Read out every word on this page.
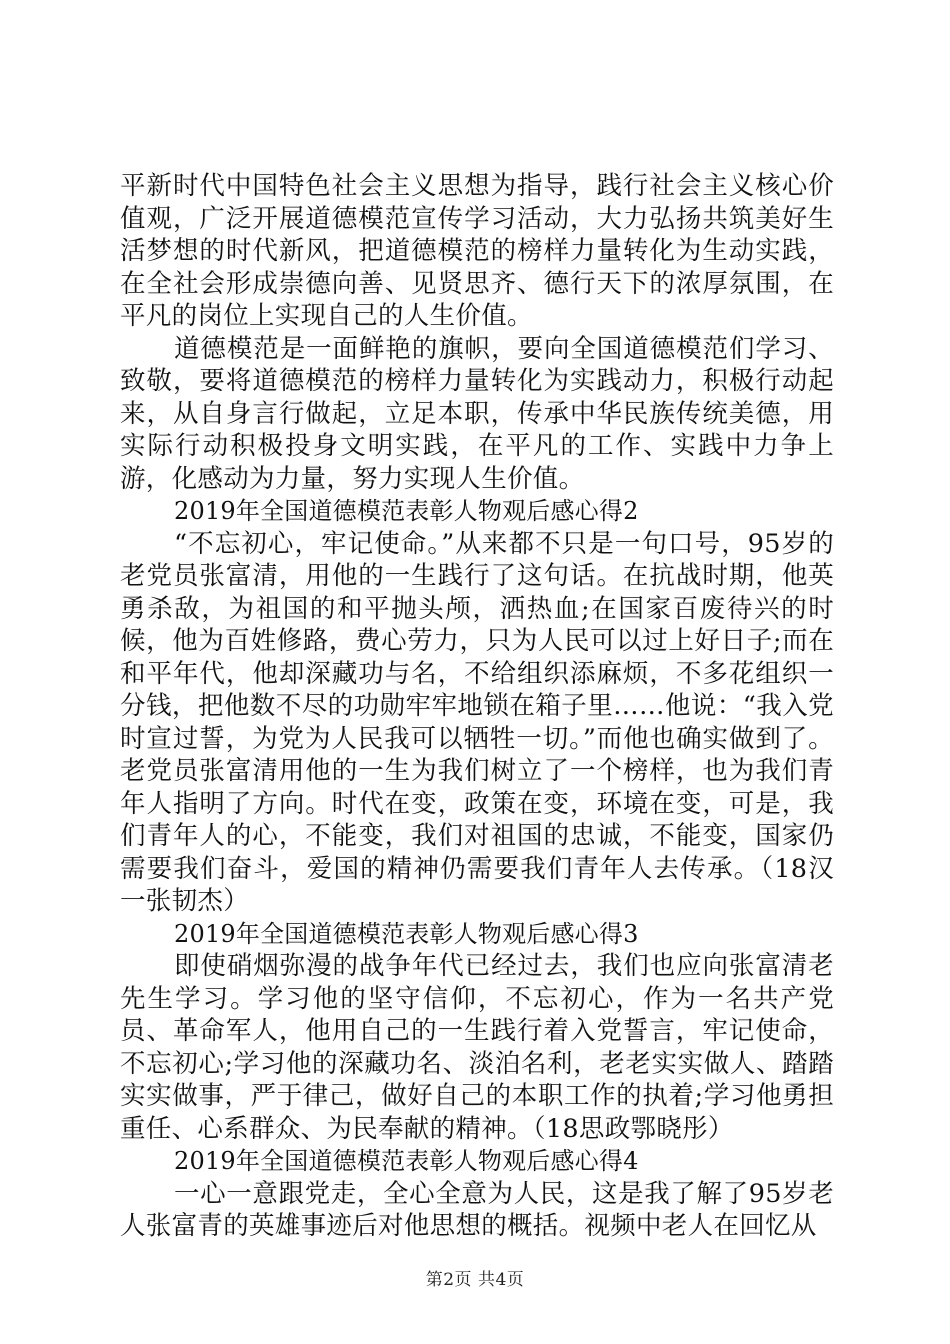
平新时代中国特色社会主义思想为指导，践行社会主义核心价值观，广泛开展道德模范宣传学习活动，大力弘扬共筑美好生活梦想的时代新风，把道德模范的榜样力量转化为生动实践，在全社会形成崇德向善、见贤思齐、德行天下的浓厚氛围，在平凡的岗位上实现自己的人生价值。

道德模范是一面鲜艳的旗帜，要向全国道德模范们学习、致敬，要将道德模范的榜样力量转化为实践动力，积极行动起来，从自身言行做起，立足本职，传承中华民族传统美德，用实际行动积极投身文明实践，在平凡的工作、实践中力争上游，化感动为力量，努力实现人生价值。

2019年全国道德模范表彰人物观后感心得2

“不忘初心，牢记使命。”从来都不只是一句口号，95岁的老党员张富清，用他的一生践行了这句话。在抗战时期，他英勇杀敌，为祖国的和平抛头颅，洒热血;在国家百废待兴的时候，他为百姓修路，费心劳力，只为人民可以过上好日子;而在和平年代，他却深藏功与名，不给组织添麻烦，不多花组织一分钱，把他数不尽的功勋牢牢地锁在箱子里……他说：“我入党时宣过誓，为党为人民我可以牺牲一切。”而他也确实做到了。老党员张富清用他的一生为我们树立了一个榜样，也为我们青年人指明了方向。时代在变，政策在变，环境在变，可是，我们青年人的心，不能变，我们对祖国的忠诚，不能变，国家仍需要我们奋斗，爱国的精神仍需要我们青年人去传承。（18汉一张韧杰）

2019年全国道德模范表彰人物观后感心得3

即使硝烟弥漫的战争年代已经过去，我们也应向张富清老先生学习。学习他的坚守信仰，不忘初心，作为一名共产党员、革命军人，他用自己的一生践行着入党誓言，牢记使命，不忘初心;学习他的深藏功名、淡泊名利，老老实实做人、踏踏实实做事，严于律己，做好自己的本职工作的执着;学习他勇担重任、心系群众、为民奉献的精神。（18思政鄂晓彤）

2019年全国道德模范表彰人物观后感心得4

一心一意跟党走，全心全意为人民，这是我了解了95岁老人张富青的英雄事迹后对他思想的概括。视频中老人在回忆从

第2页 共4页
